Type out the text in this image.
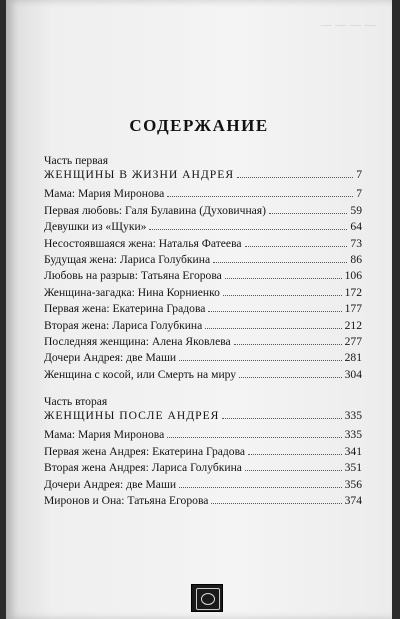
— — — —
СОДЕРЖАНИЕ
Часть первая
ЖЕНЩИНЫ В ЖИЗНИ АНДРЕЯ	7
Мама: Мария Миронова	7
Первая любовь: Галя Булавина (Духовичная)	59
Девушки из «Щуки»	64
Несостоявшаяся жена: Наталья Фатеева	73
Будущая жена: Лариса Голубкина	86
Любовь на разрыв: Татьяна Егорова	106
Женщина-загадка: Нина Корниенко	172
Первая жена: Екатерина Градова	177
Вторая жена: Лариса Голубкина	212
Последняя женщина: Алена Яковлева	277
Дочери Андрея: две Маши	281
Женщина с косой, или Смерть на миру	304
Часть вторая
ЖЕНЩИНЫ ПОСЛЕ АНДРЕЯ	335
Мама: Мария Миронова	335
Первая жена Андрея: Екатерина Градова	341
Вторая жена Андрея: Лариса Голубкина	351
Дочери Андрея: две Маши	356
Миронов и Она: Татьяна Егорова	374
